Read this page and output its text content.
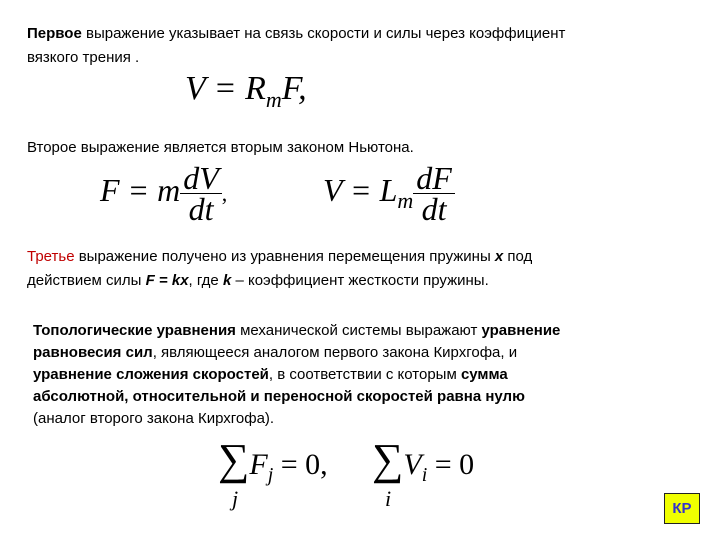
Первое выражение указывает на связь скорости и силы через коэффициент
вязкого трения .

$V = R_mF$,

Второе выражение является вторым законом Ньютона.

F = m $\frac{dV}{dt}$ ,	$V = L_m \frac{dF}{dt}$

Третье выражение получено из уравнения перемещения пружины x под
действием силы F = kx, где k – коэффициент жесткости пружины.

Топологические уравнения механической системы выражают уравнение
равновесия сил, являющееся аналогом первого закона Кирхгофа, и
уравнение сложения скоростей, в соответствии с которым сумма
абсолютной, относительной и переносной скоростей равна нулю
(аналог второго закона Кирхгофа).

$\sum F_j = 0$,
j
$\sum V_i = 0$
i	КР
